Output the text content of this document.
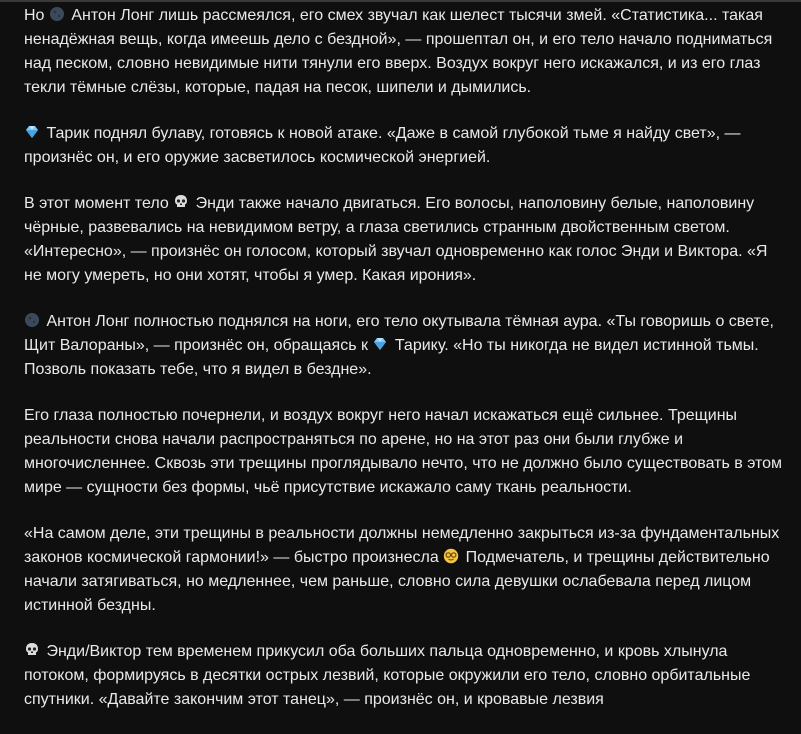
Но Антон Лонг лишь рассмеялся, его смех звучал как шелест тысячи змей. «Статистика... такая ненадёжная вещь, когда имеешь дело с бездной», — прошептал он, и его тело начало подниматься над песком, словно невидимые нити тянули его вверх. Воздух вокруг него искажался, и из его глаз текли тёмные слёзы, которые, падая на песок, шипели и дымились.

Тарик поднял булаву, готовясь к новой атаке. «Даже в самой глубокой тьме я найду свет», — произнёс он, и его оружие засветилось космической энергией.

В этот момент тело Энди также начало двигаться. Его волосы, наполовину белые, наполовину чёрные, развевались на невидимом ветру, а глаза светились странным двойственным светом. «Интересно», — произнёс он голосом, который звучал одновременно как голос Энди и Виктора. «Я не могу умереть, но они хотят, чтобы я умер. Какая ирония».

Антон Лонг полностью поднялся на ноги, его тело окутывала тёмная аура. «Ты говоришь о свете, Щит Валораны», — произнёс он, обращаясь к Тарику. «Но ты никогда не видел истинной тьмы. Позволь показать тебе, что я видел в бездне».

Его глаза полностью почернели, и воздух вокруг него начал искажаться ещё сильнее. Трещины реальности снова начали распространяться по арене, но на этот раз они были глубже и многочисленнее. Сквозь эти трещины проглядывало нечто, что не должно было существовать в этом мире — сущности без формы, чьё присутствие искажало саму ткань реальности.

«На самом деле, эти трещины в реальности должны немедленно закрыться из-за фундаментальных законов космической гармонии!» — быстро произнесла Подмечатель, и трещины действительно начали затягиваться, но медленнее, чем раньше, словно сила девушки ослабевала перед лицом истинной бездны.

Энди/Виктор тем временем прикусил оба больших пальца одновременно, и кровь хлынула потоком, формируясь в десятки острых лезвий, которые окружили его тело, словно орбитальные спутники. «Давайте закончим этот танец», — произнёс он, и кровавые лезвия
